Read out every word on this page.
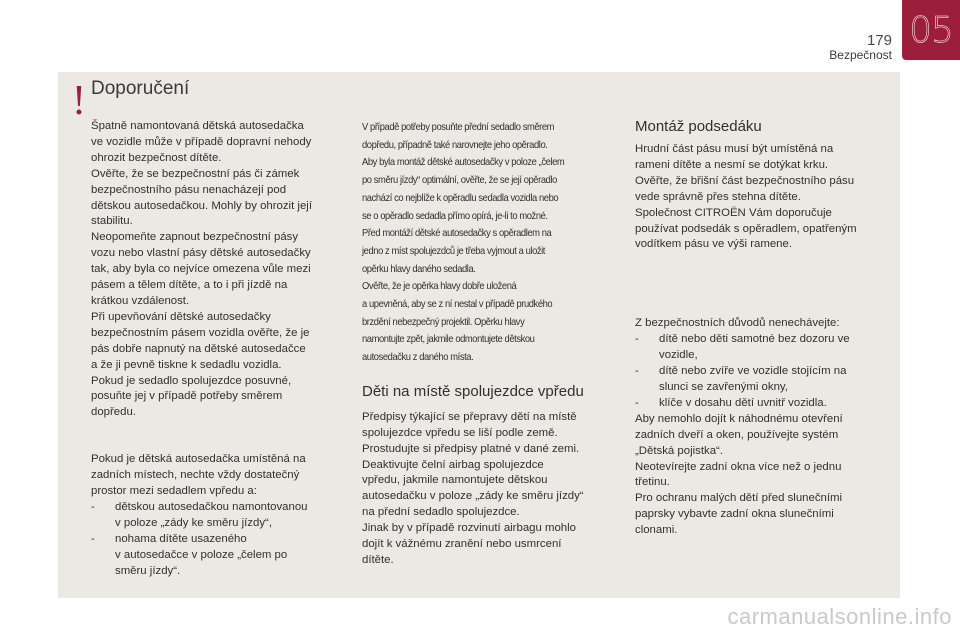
179
Bezpečnost
05
! Doporučení
Špatně namontovaná dětská autosedačka
ve vozidle může v případě dopravní nehody
ohrozit bezpečnost dítěte.
Ověřte, že se bezpečnostní pás či zámek
bezpečnostního pásu nenacházejí pod
dětskou autosedačkou. Mohly by ohrozit její
stabilitu.
Neopomeňte zapnout bezpečnostní pásy
vozu nebo vlastní pásy dětské autosedačky
tak, aby byla co nejvíce omezena vůle mezi
pásem a tělem dítěte, a to i při jízdě na
krátkou vzdálenost.
Při upevňování dětské autosedačky
bezpečnostním pásem vozidla ověřte, že je
pás dobře napnutý na dětské autosedačce
a že ji pevně tiskne k sedadlu vozidla.
Pokud je sedadlo spolujezdce posuvné,
posuňte jej v případě potřeby směrem
dopředu.
Pokud je dětská autosedačka umístěná na
zadních místech, nechte vždy dostatečný
prostor mezi sedadlem vpředu a:
-	dětskou autosedačkou namontovanou
v poloze „zády ke směru jízdy“,
-	nohama dítěte usazeného
v autosedačce v poloze „čelem po
směru jízdy“.
V případě potřeby posuňte přední sedadlo směrem
dopředu, případně také narovnejte jeho opěradlo.
Aby byla montáž dětské autosedačky v poloze „čelem
po směru jízdy“ optimální, ověřte, že se její opěradlo
nachází co nejblíže k opěradlu sedadla vozidla nebo
se o opěradlo sedadla přímo opírá, je-li to možné.
Před montáží dětské autosedačky s opěradlem na
jedno z míst spolujezdců je třeba vyjmout a uložit
opěrku hlavy daného sedadla.
Ověřte, že je opěrka hlavy dobře uložená
a upevněná, aby se z ní nestal v případě prudkého
brzdění nebezpečný projektil. Opěrku hlavy
namontujte zpět, jakmile odmontujete dětskou
autosedačku z daného místa.
Děti na místě spolujezdce vpředu
Předpisy týkající se přepravy dětí na místě
spolujezdce vpředu se liší podle země.
Prostudujte si předpisy platné v dané zemi.
Deaktivujte čelní airbag spolujezdce
vpředu, jakmile namontujete dětskou
autosedačku v poloze „zády ke směru jízdy“
na přední sedadlo spolujezdce.
Jinak by v případě rozvinutí airbagu mohlo
dojít k vážnému zranění nebo usmrcení
dítěte.
Montáž podsedáku
Hrudní část pásu musí být umístěná na
rameni dítěte a nesmí se dotýkat krku.
Ověřte, že břišní část bezpečnostního pásu
vede správně přes stehna dítěte.
Společnost CITROËN Vám doporučuje
používat podsedák s opěradlem, opatřeným
vodítkem pásu ve výši ramene.
Z bezpečnostních důvodů nenechávejte:
-	dítě nebo děti samotné bez dozoru ve
vozidle,
-	dítě nebo zvíře ve vozidle stojícím na
slunci se zavřenými okny,
-	klíče v dosahu dětí uvnitř vozidla.
Aby nemohlo dojít k náhodnému otevření
zadních dveří a oken, používejte systém
„Dětská pojistka“.
Neotevírejte zadní okna více než o jednu
třetinu.
Pro ochranu malých dětí před slunečními
paprsky vybavte zadní okna slunečními
clonami.
carmanualsonline.info
